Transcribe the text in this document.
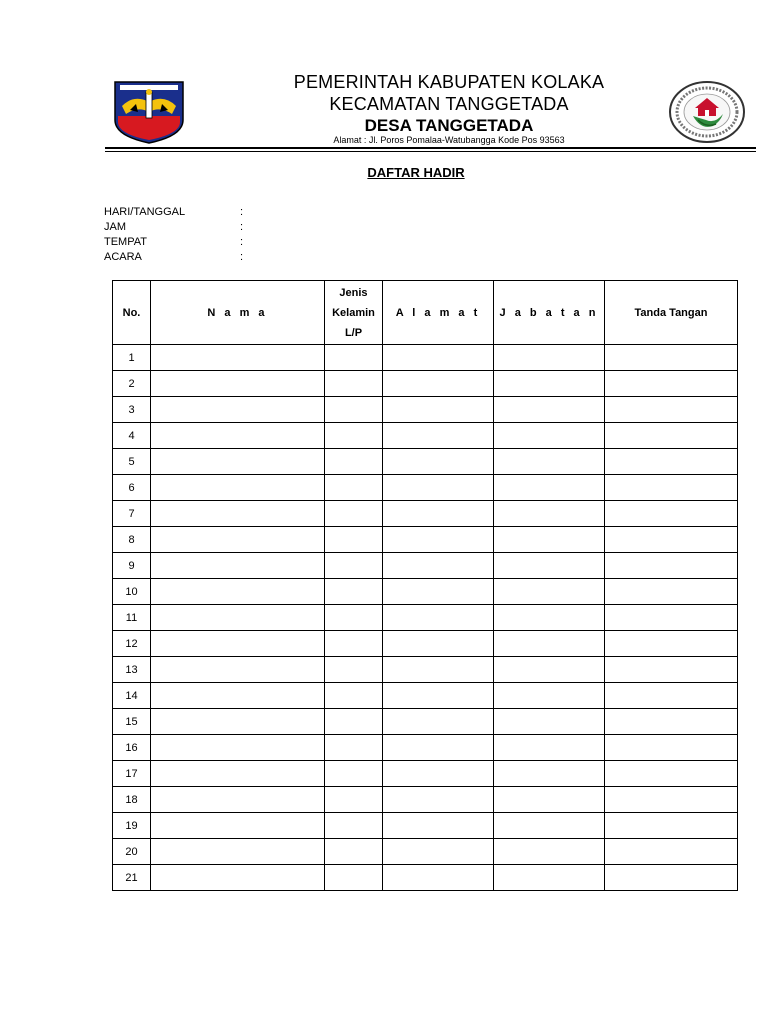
PEMERINTAH KABUPATEN KOLAKA
KECAMATAN TANGGETADA
DESA TANGGETADA
Alamat : Jl. Poros Pomalaa-Watubangga Kode Pos 93563
DAFTAR HADIR
HARI/TANGGAL	:
JAM	:
TEMPAT	:
ACARA	:
No.	N a m a	Jenis
Kelamin
L/P	A l a m a t	J a b a t a n	Tanda Tangan
1					
2					
3					
4					
5					
6					
7					
8					
9					
10					
11					
12					
13					
14					
15					
16					
17					
18					
19					
20					
21					
